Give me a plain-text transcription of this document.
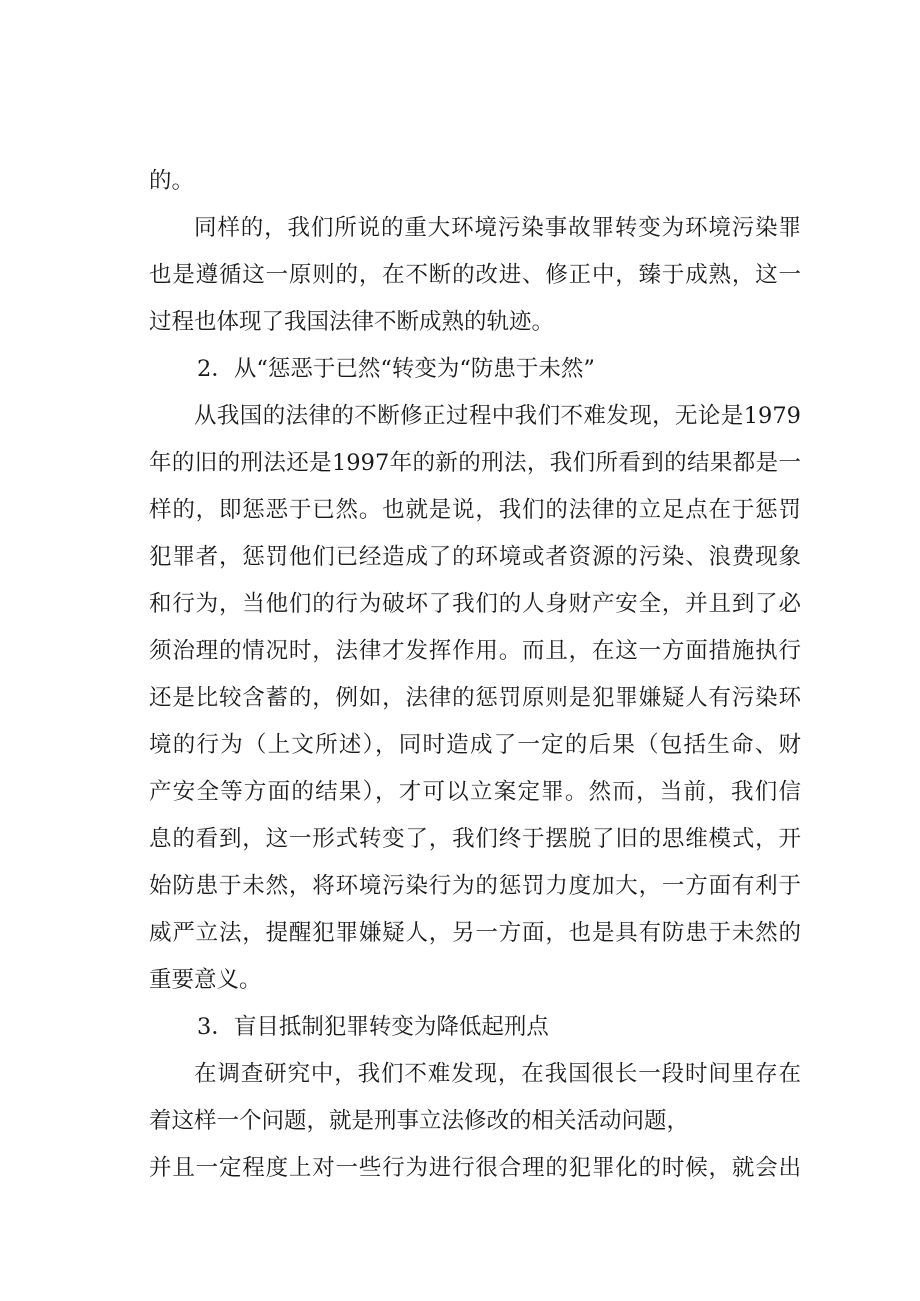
的。
同样的，我们所说的重大环境污染事故罪转变为环境污染罪
也是遵循这一原则的，在不断的改进、修正中，臻于成熟，这一
过程也体现了我国法律不断成熟的轨迹。
2．从“惩恶于已然“转变为“防患于未然”
从我国的法律的不断修正过程中我们不难发现，无论是1979
年的旧的刑法还是1997年的新的刑法，我们所看到的结果都是一
样的，即惩恶于已然。也就是说，我们的法律的立足点在于惩罚
犯罪者，惩罚他们已经造成了的环境或者资源的污染、浪费现象
和行为，当他们的行为破坏了我们的人身财产安全，并且到了必
须治理的情况时，法律才发挥作用。而且，在这一方面措施执行
还是比较含蓄的，例如，法律的惩罚原则是犯罪嫌疑人有污染环
境的行为（上文所述），同时造成了一定的后果（包括生命、财
产安全等方面的结果），才可以立案定罪。然而，当前，我们信
息的看到，这一形式转变了，我们终于摆脱了旧的思维模式，开
始防患于未然，将环境污染行为的惩罚力度加大，一方面有利于
威严立法，提醒犯罪嫌疑人，另一方面，也是具有防患于未然的
重要意义。
3．盲目抵制犯罪转变为降低起刑点
在调查研究中，我们不难发现，在我国很长一段时间里存在
着这样一个问题，就是刑事立法修改的相关活动问题，
并且一定程度上对一些行为进行很合理的犯罪化的时候，就会出
